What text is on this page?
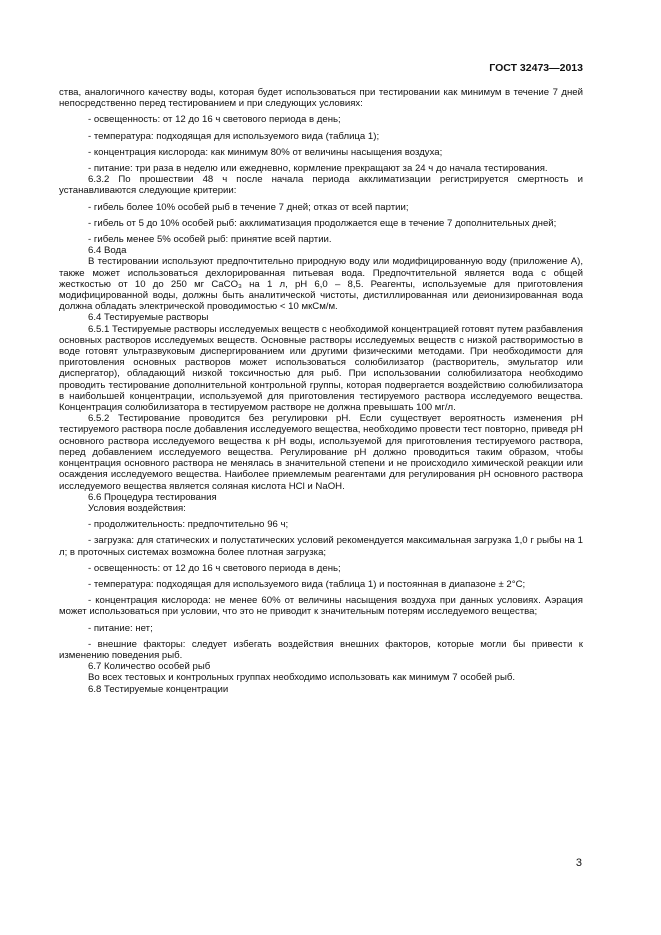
ГОСТ 32473—2013

ства, аналогичного качеству воды, которая будет использоваться при тестировании как минимум в течение 7 дней непосредственно перед тестированием и при следующих условиях:

- освещенность: от 12 до 16 ч светового периода в день;

- температура: подходящая для используемого вида (таблица 1);

- концентрация кислорода: как минимум 80% от величины насыщения воздуха;

- питание: три раза в неделю или ежедневно, кормление прекращают за 24 ч до начала тестирования.

6.3.2 По прошествии 48 ч после начала периода акклиматизации регистрируется смертность и устанавливаются следующие критерии:

- гибель более 10% особей рыб в течение 7 дней; отказ от всей партии;

- гибель от 5 до 10% особей рыб: акклиматизация продолжается еще в течение 7 дополнительных дней;

- гибель менее 5% особей рыб: принятие всей партии.

6.4 Вода

В тестировании используют предпочтительно природную воду или модифицированную воду (приложение А), также может использоваться дехлорированная питьевая вода. Предпочтительной является вода с общей жесткостью от 10 до 250 мг CaCO₃ на 1 л, pH 6,0 – 8,5. Реагенты, используемые для приготовления модифицированной воды, должны быть аналитической чистоты, дистиллированная или деионизированная вода должна обладать электрической проводимостью < 10 мкСм/м.

6.4 Тестируемые растворы

6.5.1 Тестируемые растворы исследуемых веществ с необходимой концентрацией готовят путем разбавления основных растворов исследуемых веществ. Основные растворы исследуемых веществ с низкой растворимостью в воде готовят ультразвуковым диспергированием или другими физическими методами. При необходимости для приготовления основных растворов может использоваться солюбилизатор (растворитель, эмульгатор или диспергатор), обладающий низкой токсичностью для рыб. При использовании солюбилизатора необходимо проводить тестирование дополнительной контрольной группы, которая подвергается воздействию солюбилизатора в наибольшей концентрации, используемой для приготовления тестируемого раствора исследуемого вещества. Концентрация солюбилизатора в тестируемом растворе не должна превышать 100 мг/л.

6.5.2 Тестирование проводится без регулировки pH. Если существует вероятность изменения pH тестируемого раствора после добавления исследуемого вещества, необходимо провести тест повторно, приведя pH основного раствора исследуемого вещества к pH воды, используемой для приготовления тестируемого раствора, перед добавлением исследуемого вещества. Регулирование pH должно проводиться таким образом, чтобы концентрация основного раствора не менялась в значительной степени и не происходило химической реакции или осаждения исследуемого вещества. Наиболее приемлемым реагентами для регулирования pH основного раствора исследуемого вещества является соляная кислота HCl и NaOH.

6.6 Процедура тестирования

Условия воздействия:

- продолжительность: предпочтительно 96 ч;

- загрузка: для статических и полустатических условий рекомендуется максимальная загрузка 1,0 г рыбы на 1 л; в проточных системах возможна более плотная загрузка;

- освещенность: от 12 до 16 ч светового периода в день;

- температура: подходящая для используемого вида (таблица 1) и постоянная в диапазоне ± 2°C;

- концентрация кислорода: не менее 60% от величины насыщения воздуха при данных условиях. Аэрация может использоваться при условии, что это не приводит к значительным потерям исследуемого вещества;

- питание: нет;

- внешние факторы: следует избегать воздействия внешних факторов, которые могли бы привести к изменению поведения рыб.

6.7 Количество особей рыб

Во всех тестовых и контрольных группах необходимо использовать как минимум 7 особей рыб.

6.8 Тестируемые концентрации

3
